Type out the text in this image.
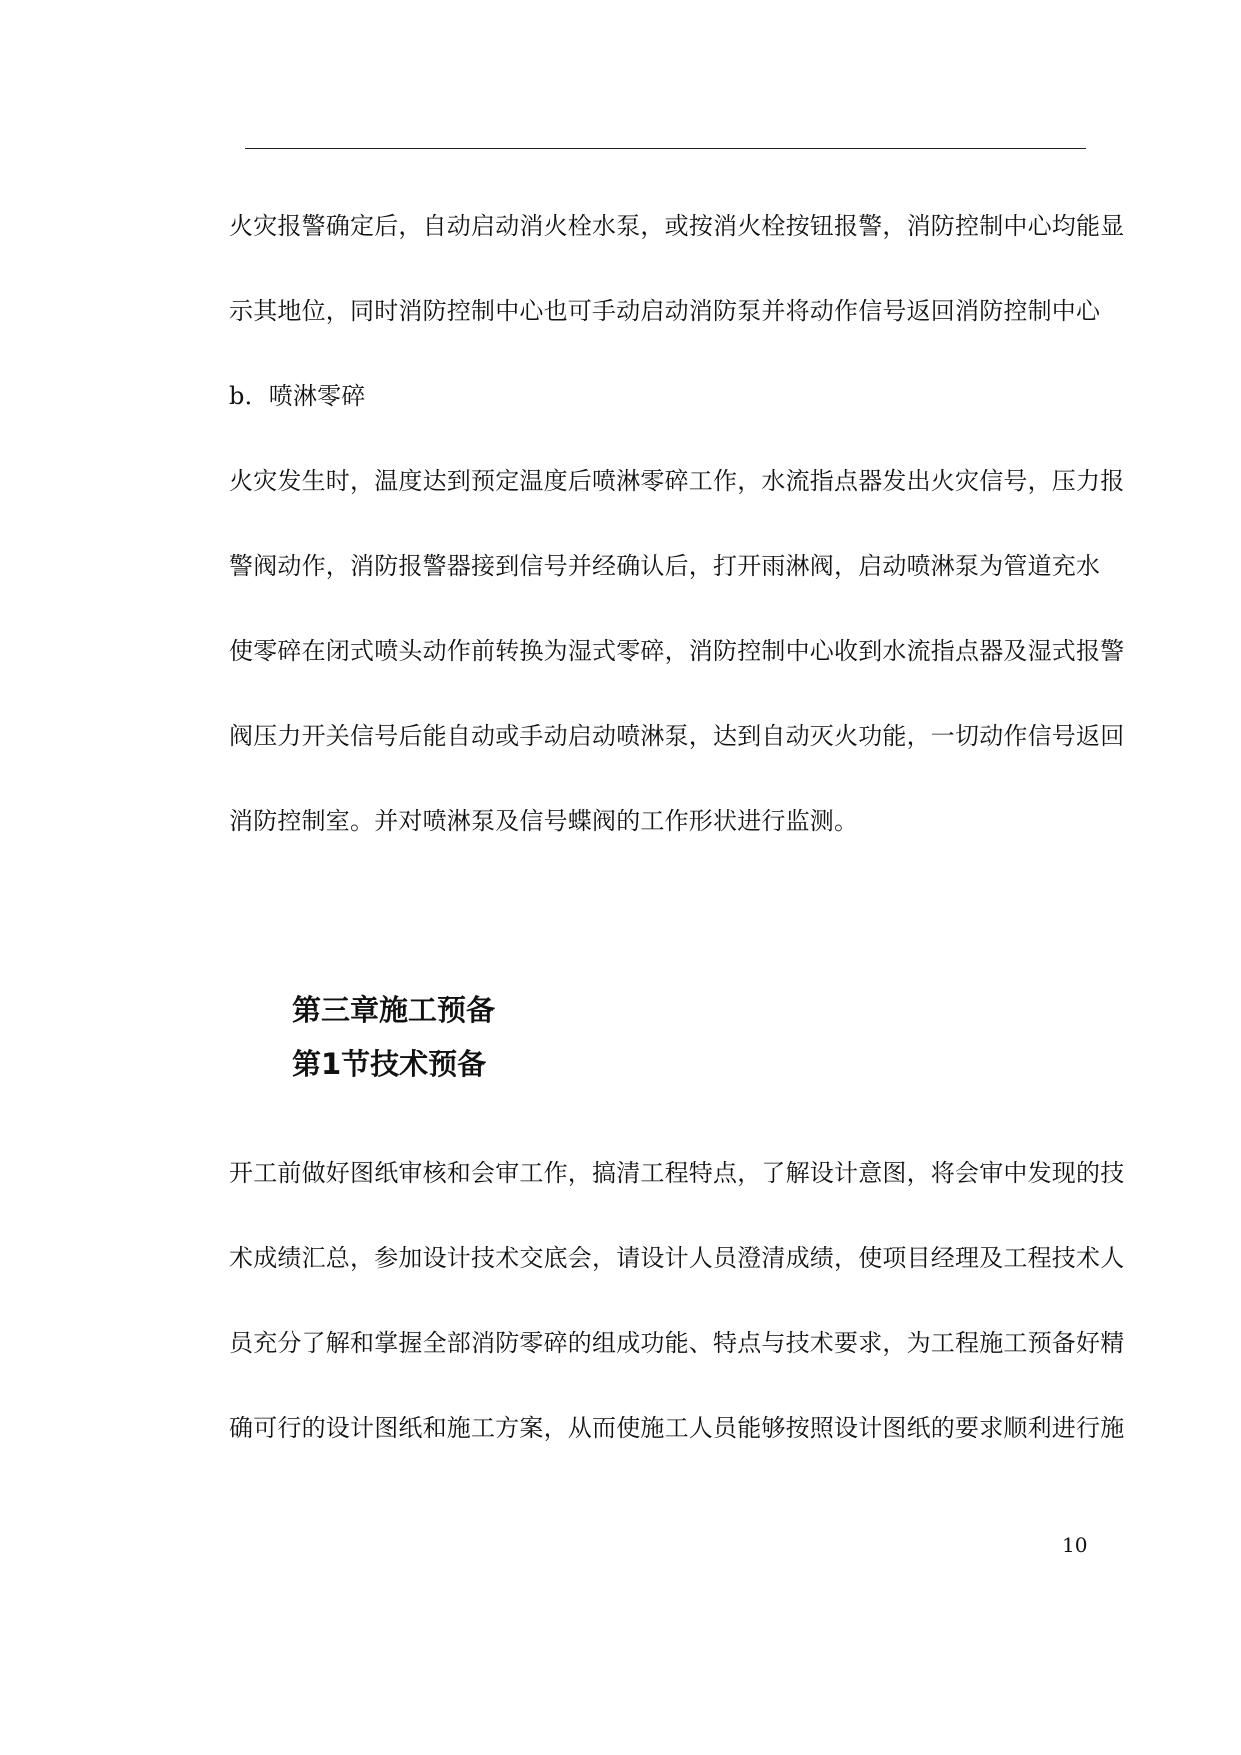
火灾报警确定后，自动启动消火栓水泵，或按消火栓按钮报警，消防控制中心均能显
示其地位，同时消防控制中心也可手动启动消防泵并将动作信号返回消防控制中心
b．喷淋零碎
火灾发生时，温度达到预定温度后喷淋零碎工作，水流指点器发出火灾信号，压力报
警阀动作，消防报警器接到信号并经确认后，打开雨淋阀，启动喷淋泵为管道充水
使零碎在闭式喷头动作前转换为湿式零碎，消防控制中心收到水流指点器及湿式报警
阀压力开关信号后能自动或手动启动喷淋泵，达到自动灭火功能，一切动作信号返回
消防控制室。并对喷淋泵及信号蝶阀的工作形状进行监测。
第三章施工预备
第1节技术预备
开工前做好图纸审核和会审工作，搞清工程特点，了解设计意图，将会审中发现的技
术成绩汇总，参加设计技术交底会，请设计人员澄清成绩，使项目经理及工程技术人
员充分了解和掌握全部消防零碎的组成功能、特点与技术要求，为工程施工预备好精
确可行的设计图纸和施工方案，从而使施工人员能够按照设计图纸的要求顺利进行施
10
